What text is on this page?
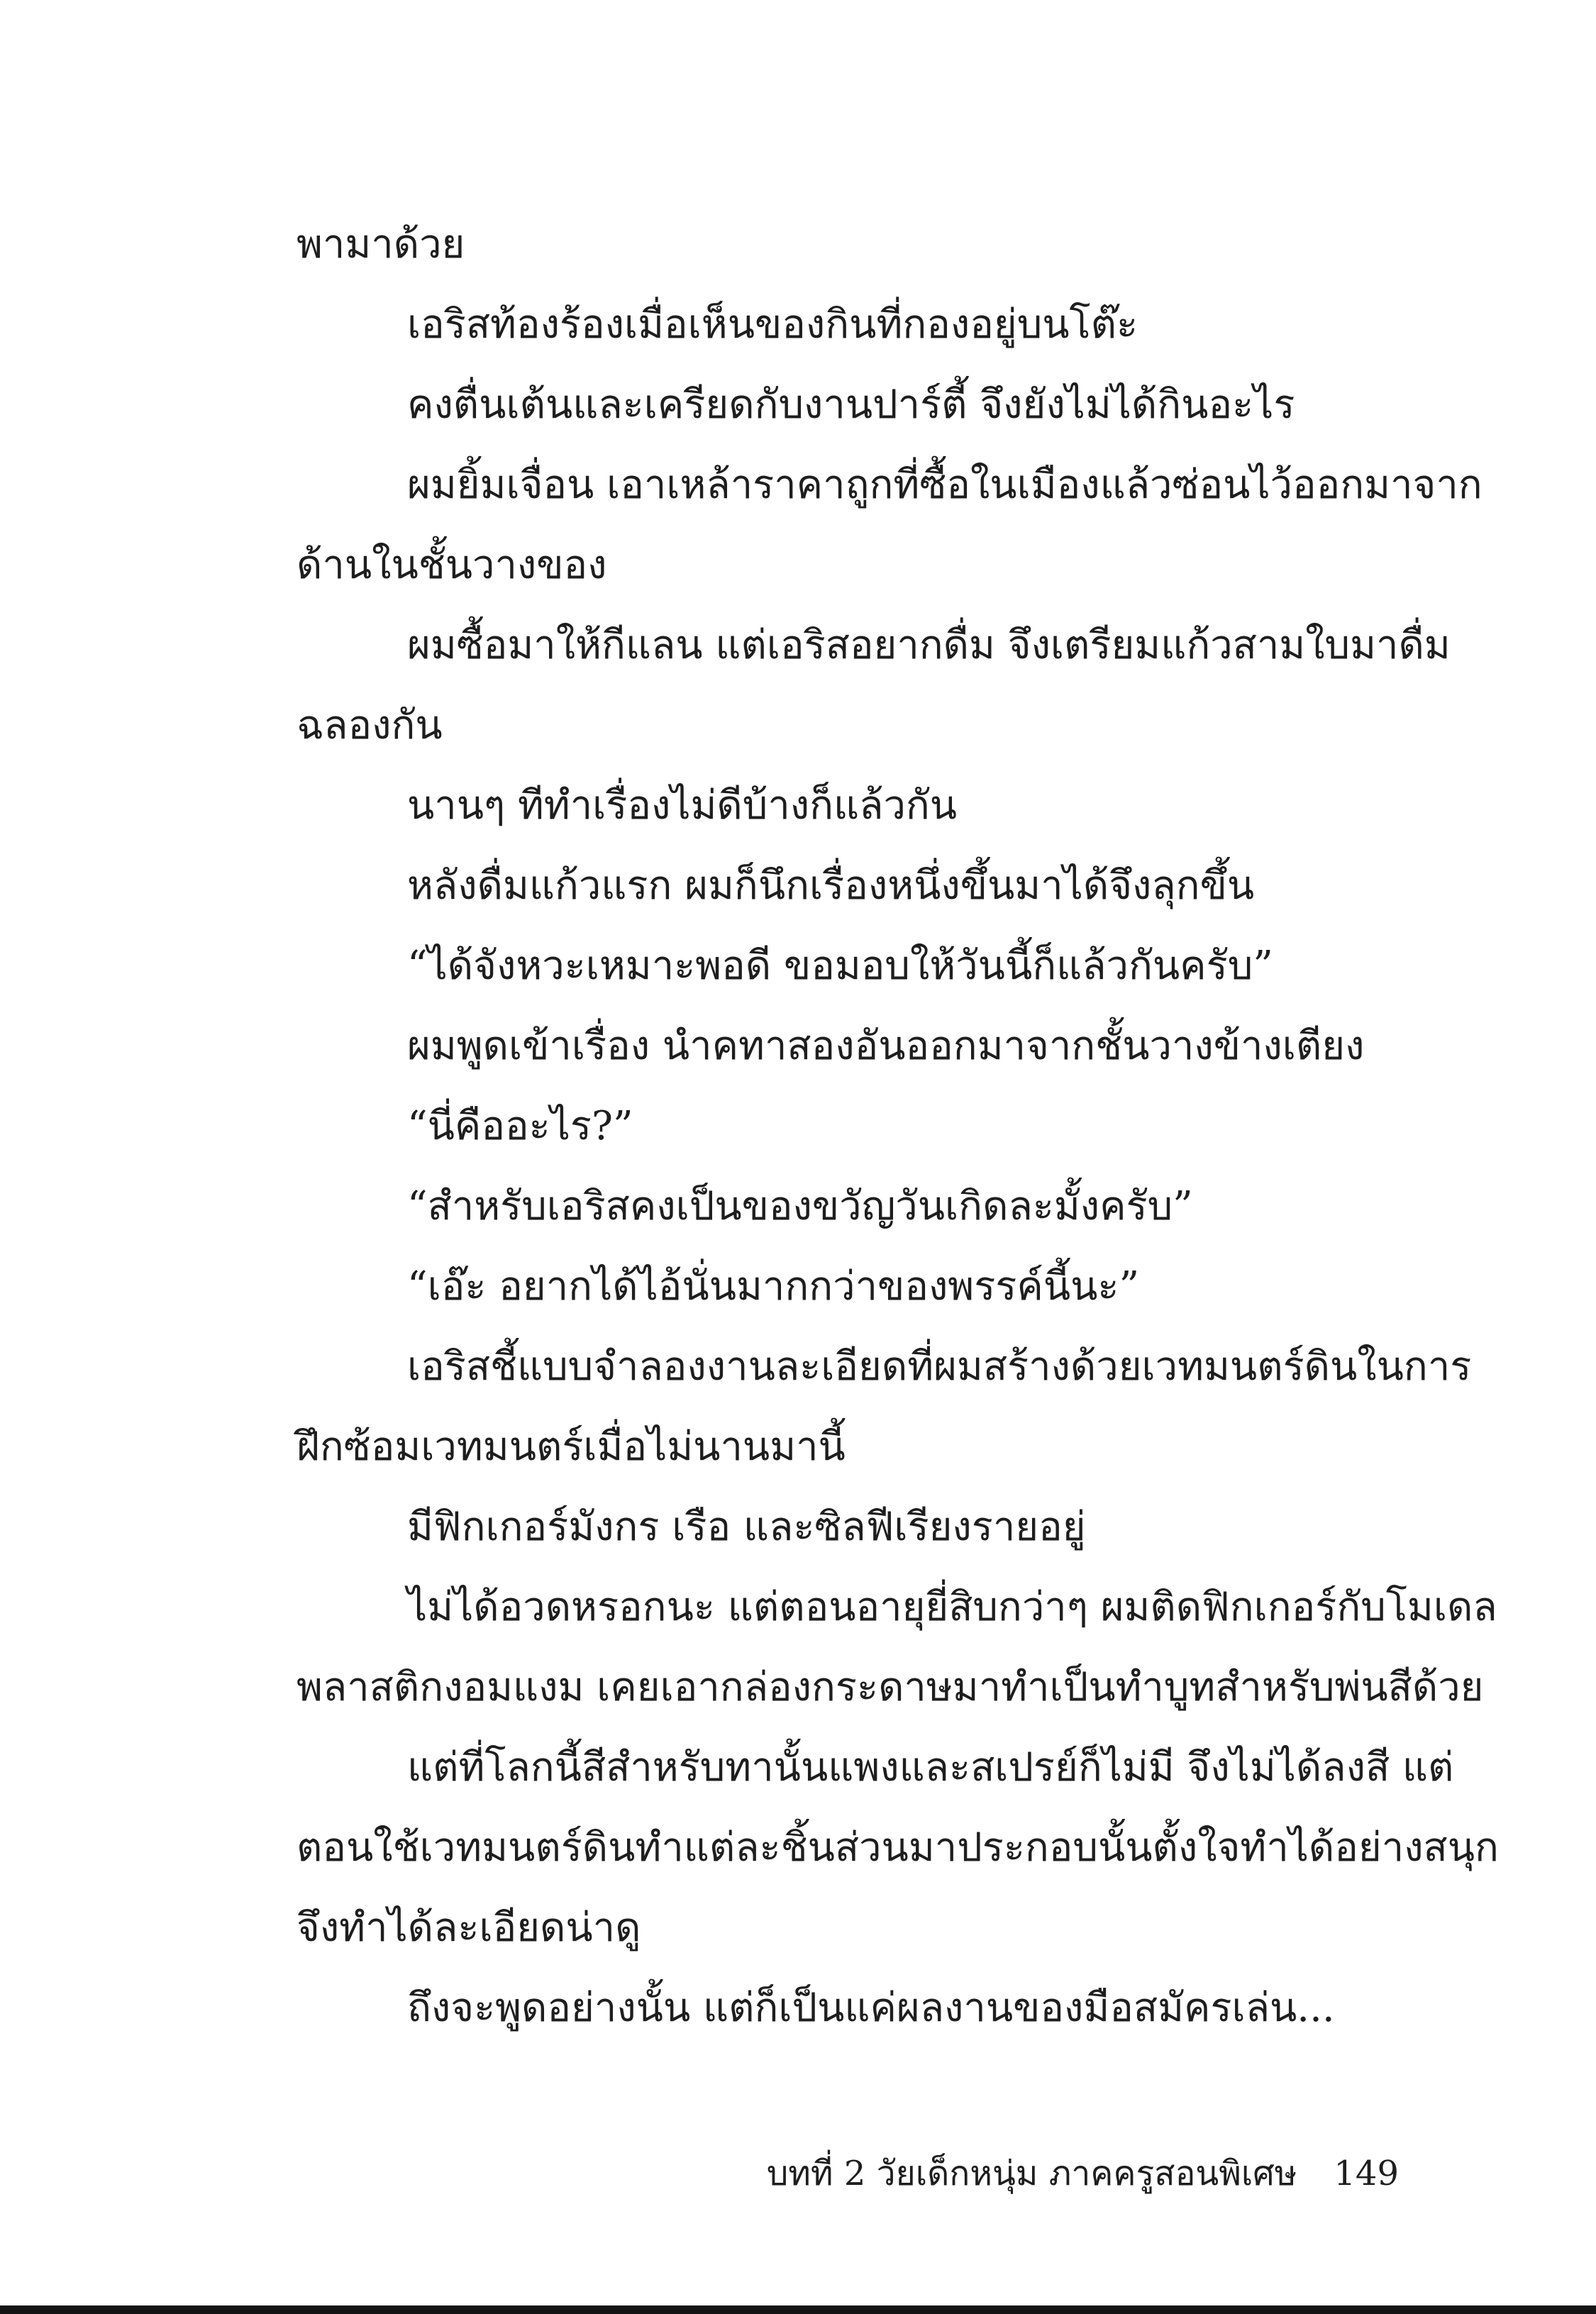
พามาด้วย

เอริสท้องร้องเมื่อเห็นของกินที่กองอยู่บนโต๊ะ

คงตื่นเต้นและเครียดกับงานปาร์ตี้ จึงยังไม่ได้กินอะไร

ผมยิ้มเจื่อน เอาเหล้าราคาถูกที่ซื้อในเมืองแล้วซ่อนไว้ออกมาจาก

ด้านในชั้นวางของ

ผมซื้อมาให้กีแลน แต่เอริสอยากดื่ม จึงเตรียมแก้วสามใบมาดื่ม

ฉลองกัน

นานๆ ทีทำเรื่องไม่ดีบ้างก็แล้วกัน

หลังดื่มแก้วแรก ผมก็นึกเรื่องหนึ่งขึ้นมาได้จึงลุกขึ้น

“ได้จังหวะเหมาะพอดี ขอมอบให้วันนี้ก็แล้วกันครับ”

ผมพูดเข้าเรื่อง นำคทาสองอันออกมาจากชั้นวางข้างเตียง

“นี่คืออะไร?”

“สำหรับเอริสคงเป็นของขวัญวันเกิดละมั้งครับ”

“เอ๊ะ อยากได้ไอ้นั่นมากกว่าของพรรค์นี้นะ”

เอริสชี้แบบจำลองงานละเอียดที่ผมสร้างด้วยเวทมนตร์ดินในการ

ฝึกซ้อมเวทมนตร์เมื่อไม่นานมานี้

มีฟิกเกอร์มังกร เรือ และซิลฟีเรียงรายอยู่

ไม่ได้อวดหรอกนะ แต่ตอนอายุยี่สิบกว่าๆ ผมติดฟิกเกอร์กับโมเดล

พลาสติกงอมแงม เคยเอากล่องกระดาษมาทำเป็นทำบูทสำหรับพ่นสีด้วย

แต่ที่โลกนี้สีสำหรับทานั้นแพงและสเปรย์ก็ไม่มี จึงไม่ได้ลงสี แต่

ตอนใช้เวทมนตร์ดินทำแต่ละชิ้นส่วนมาประกอบนั้นตั้งใจทำได้อย่างสนุก

จึงทำได้ละเอียดน่าดู

ถึงจะพูดอย่างนั้น แต่ก็เป็นแค่ผลงานของมือสมัครเล่น...

บทที่ 2 วัยเด็กหนุ่ม ภาคครูสอนพิเศษ 149
